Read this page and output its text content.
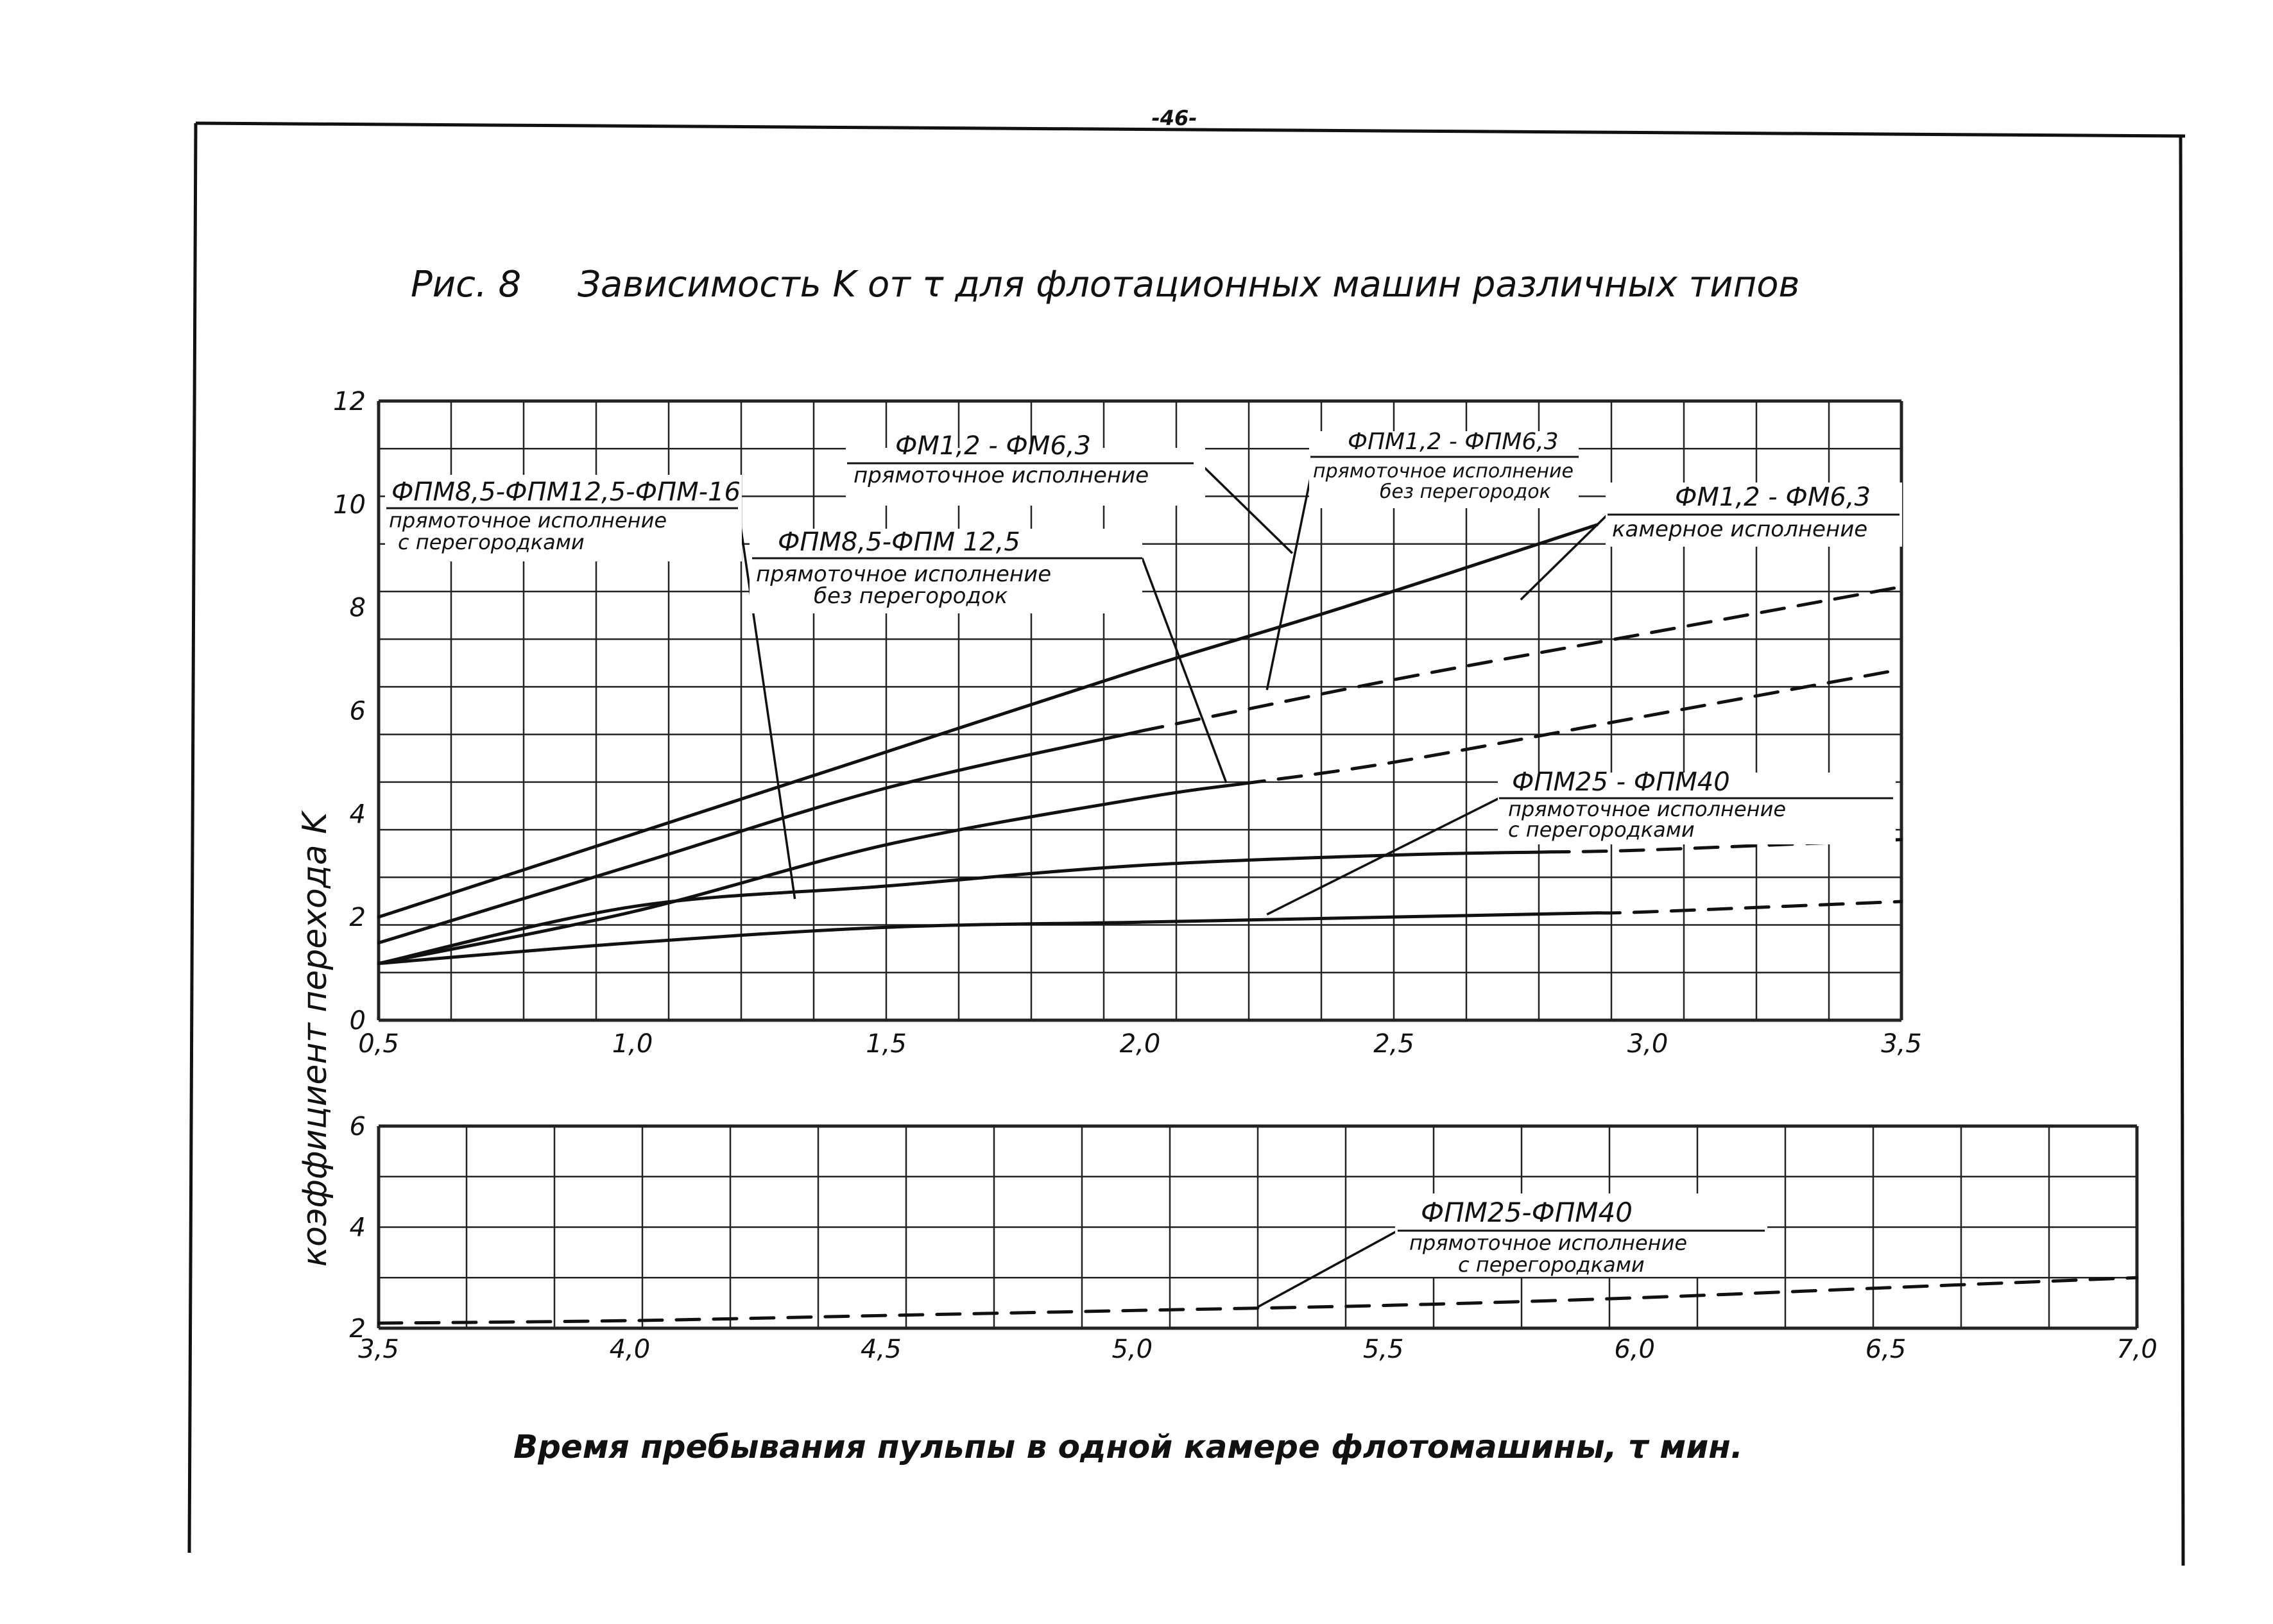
-46-
Рис. 8 Зависимость K от τ для флотационных машин различных типов
0,5	1,0	1,5	2,0	2,5	3,0	3,5
0
2
4
6
8
10
12
ФМ1,2 - ФМ6,3
прямоточное исполнение
ФПМ1,2 - ФПМ6,3
прямоточное исполнение
без перегородок	ФМ1,2 - ФМ6,3
камерное исполнение
ФПМ8,5-ФПМ12,5-ФПМ-16
прямоточное исполнение
с перегородками	ФПМ8,5-ФПМ 12,5
прямоточное исполнение
без перегородок
ФПМ25 - ФПМ40
прямоточное исполнение
с перегородками
3,5	4,0	4,5	5,0	5,5	6,0	6,5	7,0
2
4
6
ФПМ25-ФПМ40
прямоточное исполнение
с перегородками
коэффициент перехода K
Время пребывания пульпы в одной камере флотомашины, τ мин.
